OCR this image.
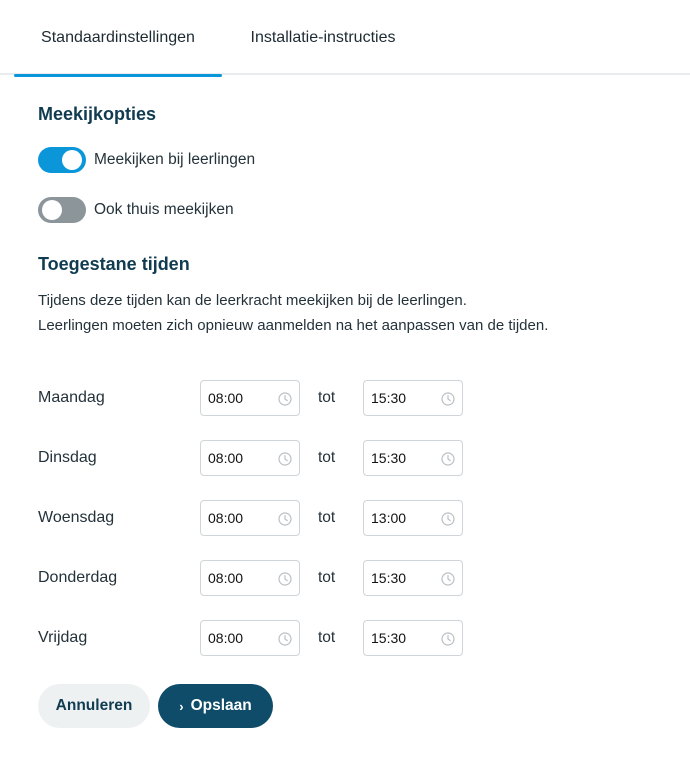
Standaardinstellingen	Installatie-instructies
Meekijkopties
Meekijken bij leerlingen
Ook thuis meekijken
Toegestane tijden
Tijdens deze tijden kan de leerkracht meekijken bij de leerlingen.
Leerlingen moeten zich opnieuw aanmelden na het aanpassen van de tijden.
Maandag	08:00	tot	15:30
Dinsdag	08:00	tot	15:30
Woensdag	08:00	tot	13:00
Donderdag	08:00	tot	15:30
Vrijdag	08:00	tot	15:30
Annuleren	› Opslaan
